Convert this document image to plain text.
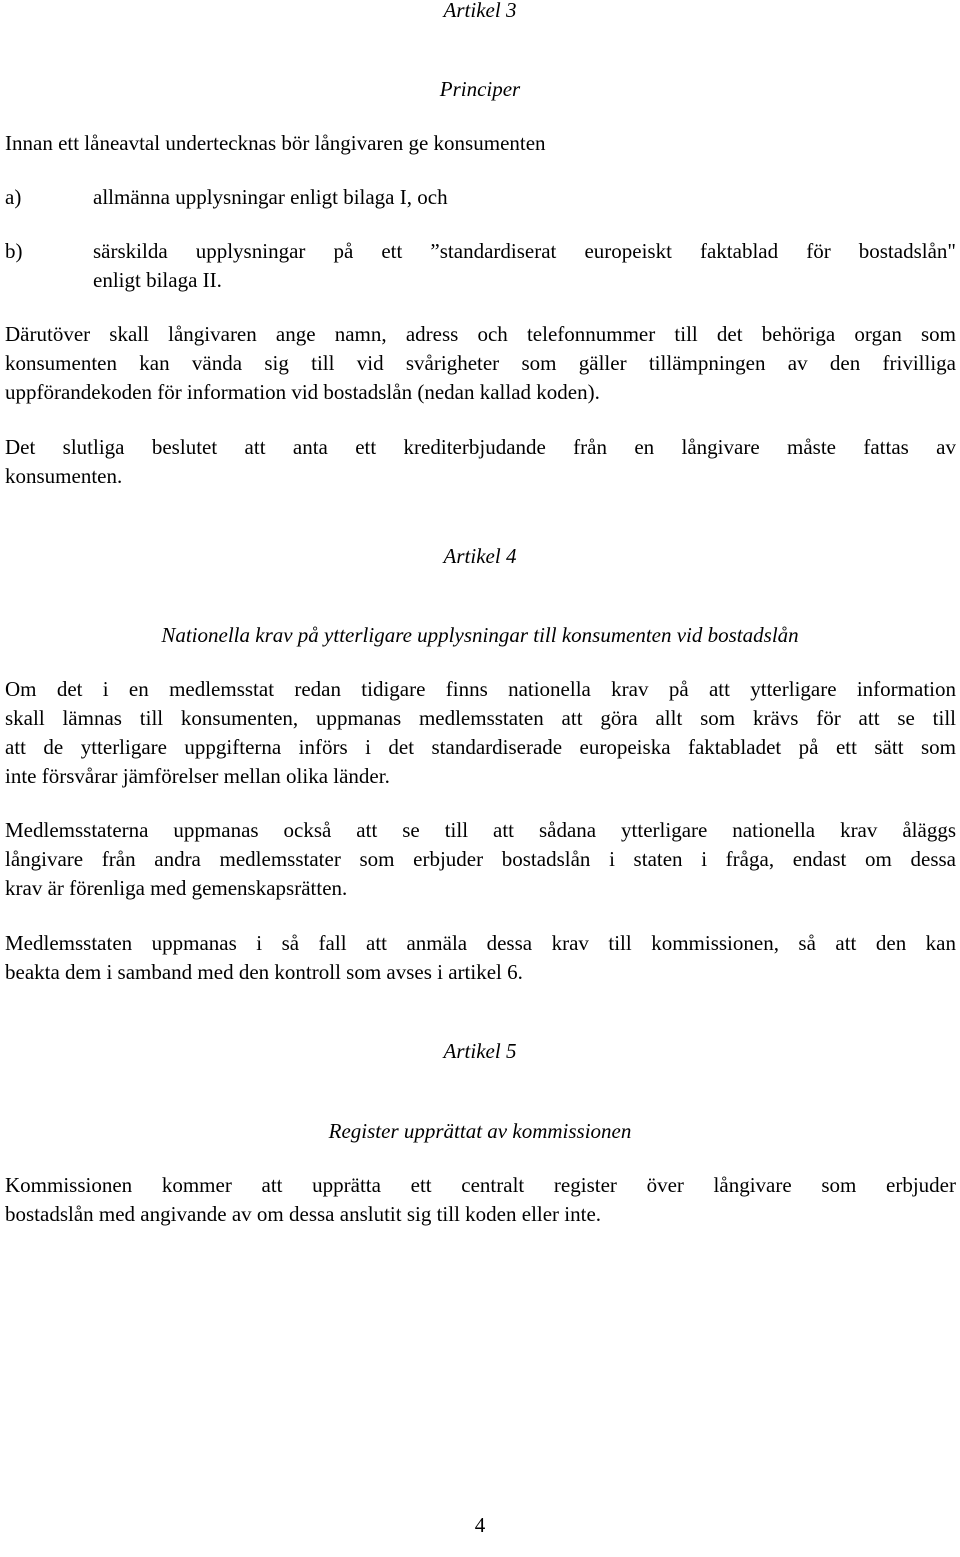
Artikel 3

Principer

Innan ett låneavtal undertecknas bör långivaren ge konsumenten

a)	allmänna upplysningar enligt bilaga I, och

b)	särskilda upplysningar på ett ”standardiserat europeiskt faktablad för bostadslån"
enligt bilaga II.
Därutöver skall långivaren ange namn, adress och telefonnummer till det behöriga organ som
konsumenten kan vända sig till vid svårigheter som gäller tillämpningen av den frivilliga
uppförandekoden för information vid bostadslån (nedan kallad koden).
Det slutliga beslutet att anta ett krediterbjudande från en långivare måste fattas av
konsumenten.

Artikel 4

Nationella krav på ytterligare upplysningar till konsumenten vid bostadslån

Om det i en medlemsstat redan tidigare finns nationella krav på att ytterligare information
skall lämnas till konsumenten, uppmanas medlemsstaten att göra allt som krävs för att se till
att de ytterligare uppgifterna införs i det standardiserade europeiska faktabladet på ett sätt som
inte försvårar jämförelser mellan olika länder.
Medlemsstaterna uppmanas också att se till att sådana ytterligare nationella krav åläggs
långivare från andra medlemsstater som erbjuder bostadslån i staten i fråga, endast om dessa
krav är förenliga med gemenskapsrätten.
Medlemsstaten uppmanas i så fall att anmäla dessa krav till kommissionen, så att den kan
beakta dem i samband med den kontroll som avses i artikel 6.

Artikel 5

Register upprättat av kommissionen

Kommissionen kommer att upprätta ett centralt register över långivare som erbjuder
bostadslån med angivande av om dessa anslutit sig till koden eller inte.

4
